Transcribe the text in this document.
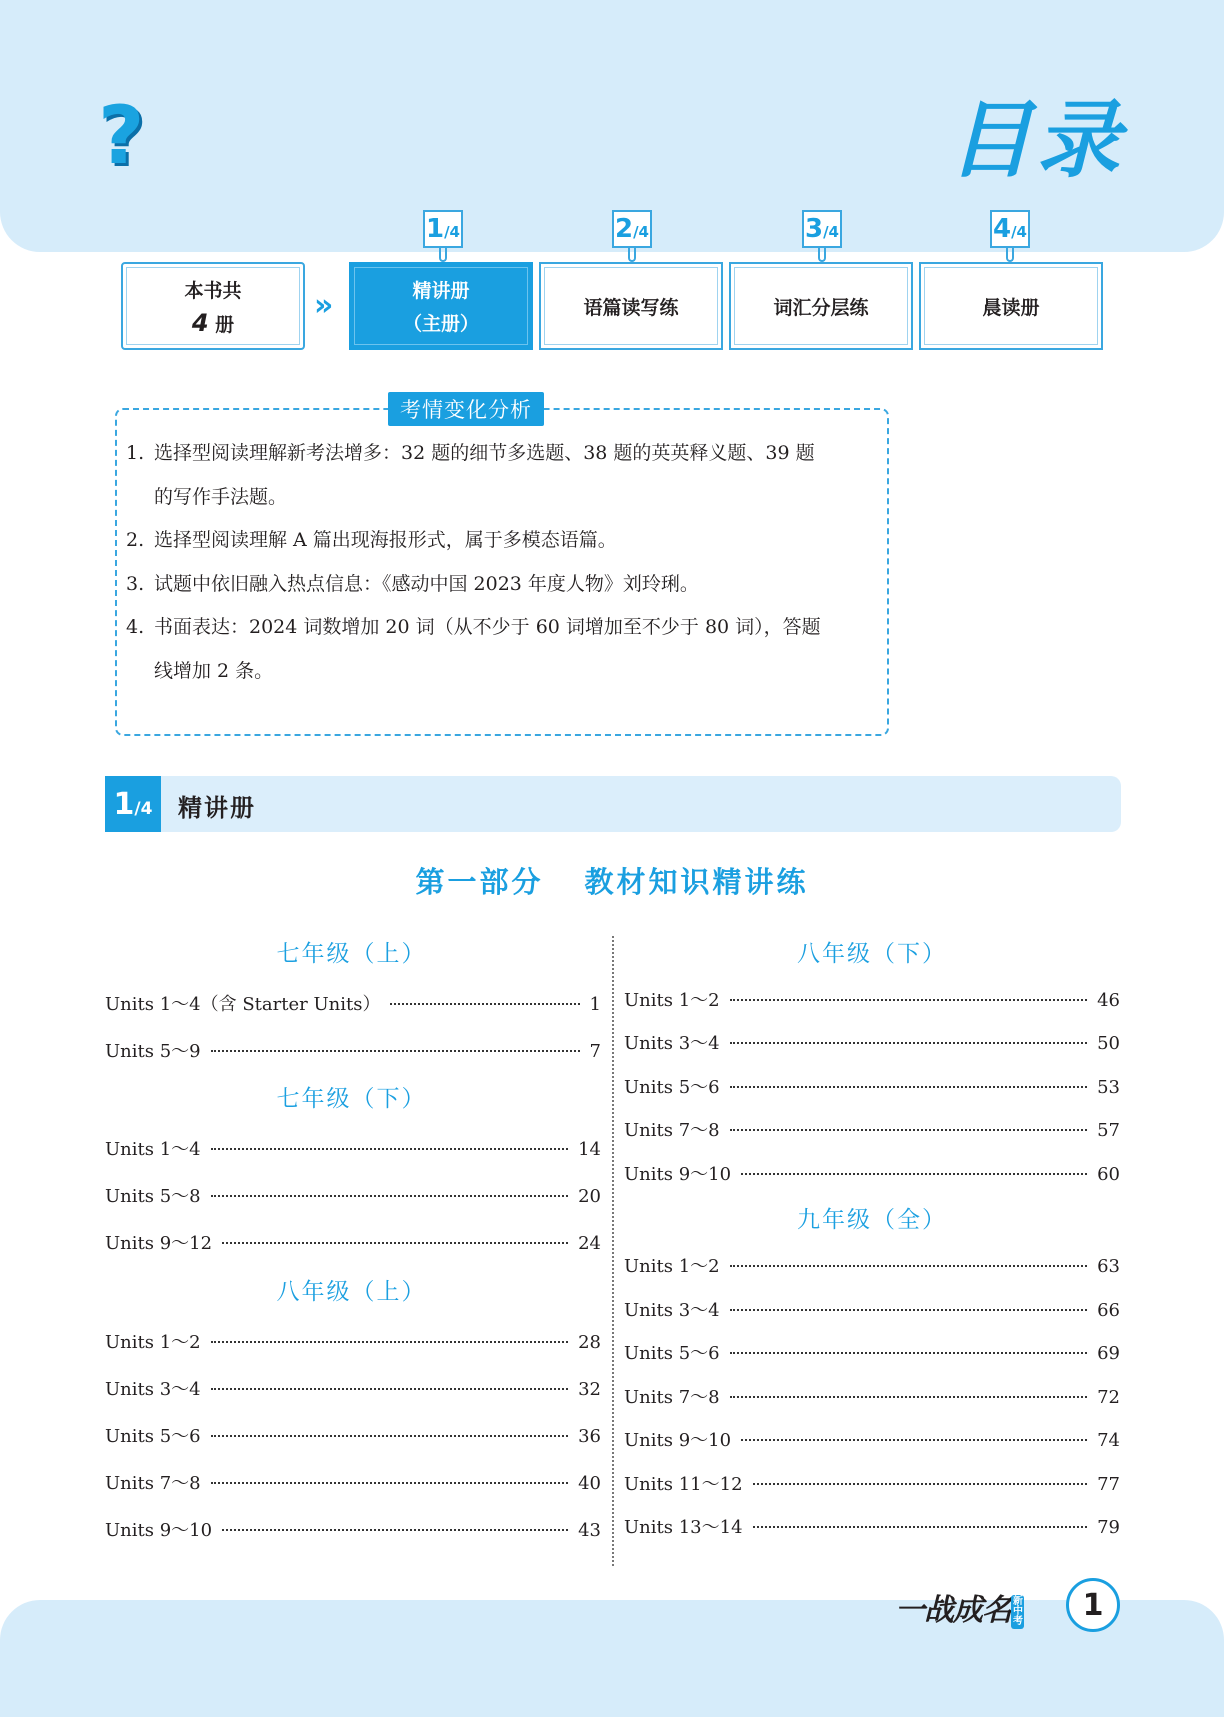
?	目录
本书共
4 册
»
1 /4
精讲册
（主册）
2 /4
语篇读写练
3 /4
词汇分层练
4 /4
晨读册
考情变化分析
1. 选择型阅读理解新考法增多：32 题的细节多选题、38 题的英英释义题、39 题的写作手法题。
2. 选择型阅读理解 A 篇出现海报形式，属于多模态语篇。
3. 试题中依旧融入热点信息：《感动中国 2023 年度人物》刘玲琍。
4. 书面表达：2024 词数增加 20 词（从不少于 60 词增加至不少于 80 词），答题线增加 2 条。
1 /4 精讲册
第一部分 教材知识精讲练
七年级（上）
Units 1～4（含 Starter Units）	1
Units 5～9	7
七年级（下）
Units 1～4	14
Units 5～8	20
Units 9～12	24
八年级（上）
Units 1～2	28
Units 3～4	32
Units 5～6	36
Units 7～8	40
Units 9～10	43
八年级（下）
Units 1～2	46
Units 3～4	50
Units 5～6	53
Units 7～8	57
Units 9～10	60
九年级（全）
Units 1～2	63
Units 3～4	66
Units 5～6	69
Units 7～8	72
Units 9～10	74
Units 11～12	77
Units 13～14	79
一战成名 新中考	1
